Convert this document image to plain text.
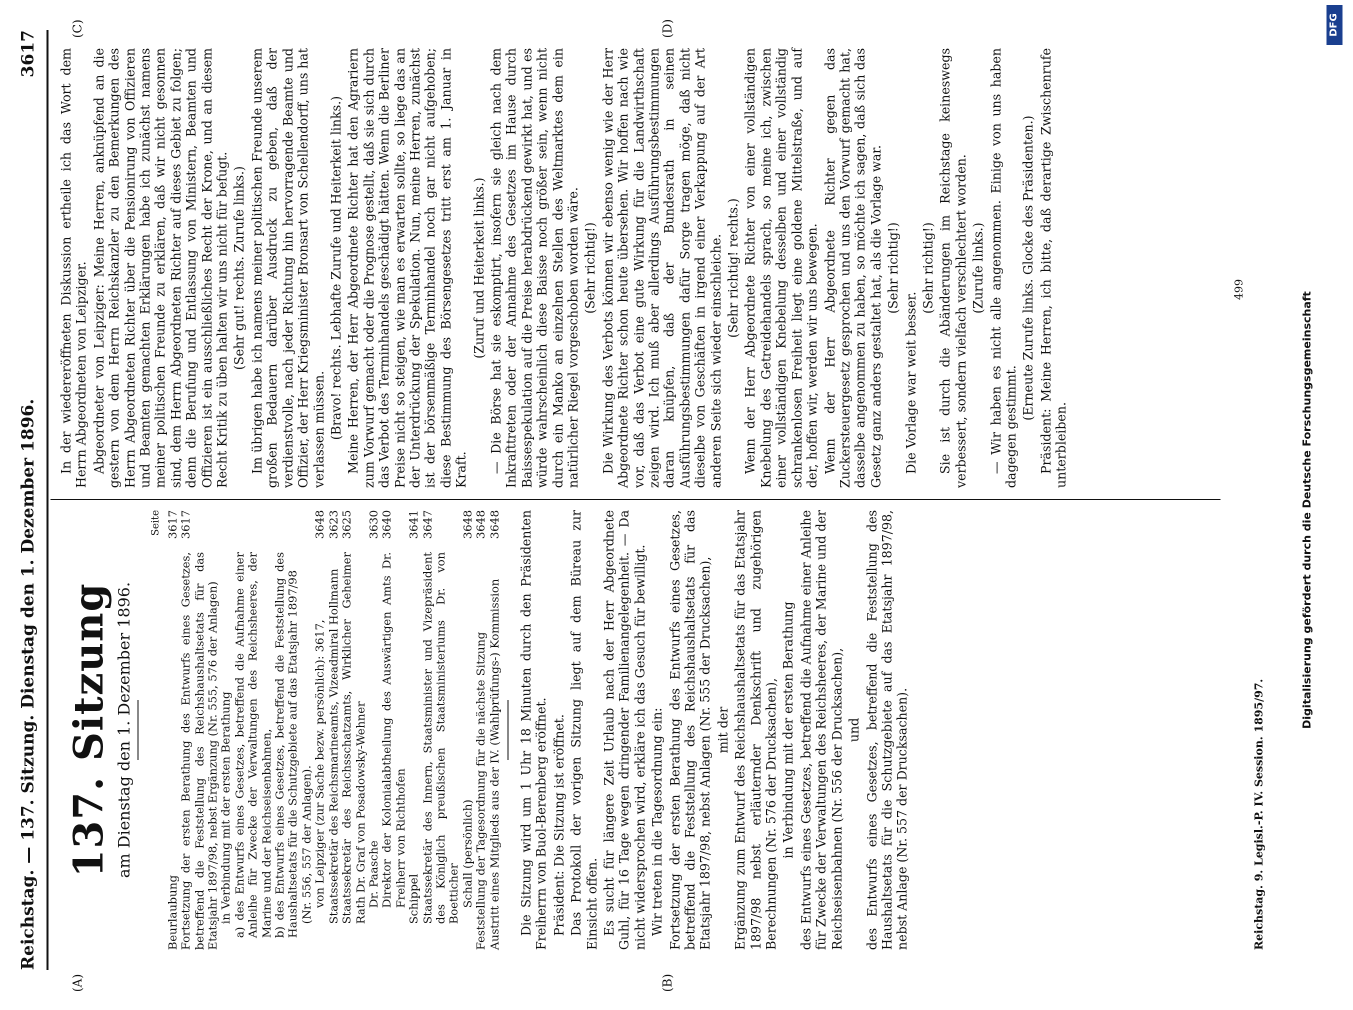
Reichstag. — 137. Sitzung. Dienstag den 1. Dezember 1896.
3617
(A)	(B)
(C)	(D)
137. Sitzung am Dienstag den 1. Dezember 1896.
Seite
Beurlaubung
3617
Fortsetzung der ersten Berathung des Entwurfs eines Gesetzes, betreffend die Feststellung des Reichshaushaltsetats für das Etatsjahr 1897/98, nebst Ergänzung (Nr. 555, 576 der Anlagen)
3617
in Verbindung mit der ersten Berathung a) des Entwurfs eines Gesetzes, betreffend die Aufnahme einer Anleihe für Zwecke der Verwaltungen des Reichsheeres, der Marine und der Reichseisenbahnen, b) des Entwurfs eines Gesetzes, betreffend die Feststellung des Haushaltsetats für die Schutzgebiete auf das Etatsjahr 1897/98 (Nr. 556, 557 der Anlagen). von Leipziger (zur Sache bezw. persönlich): 3617,
3648
Staatssekretär des Reichsmarineamts, Vizeadmiral Hollmann
3623
Staatssekretär des Reichsschatzamts, Wirklicher Geheimer Rath Dr. Graf von Posadowsky-Wehner
3625
Dr. Paasche
3630
Direktor der Kolonialabtheilung des Auswärtigen Amts Dr. Freiherr von Richthofen
3640
Schippel
3641
Staatssekretär des Innern, Staatsminister und Vizepräsident des Königlich preußischen Staatsministeriums Dr. von Boetticher
3647
Schall (persönlich)
3648
Feststellung der Tagesordnung für die nächste Sitzung
3648
Austritt eines Mitglieds aus der IV. (Wahlprüfungs-) Kommission
3648 Die Sitzung wird um 1 Uhr 18 Minuten durch den Präsidenten Freiherrn von Buol-Berenberg eröffnet. Präsident: Die Sitzung ist eröffnet. Das Protokoll der vorigen Sitzung liegt auf dem Büreau zur Einsicht offen. Es sucht für längere Zeit Urlaub nach der Herr Abgeordnete Guhl, für 16 Tage wegen dringender Familienangelegenheit. — Da nicht widersprochen wird, erkläre ich das Gesuch für bewilligt. Wir treten in die Tagesordnung ein: Fortsetzung der ersten Berathung des Entwurfs eines Gesetzes, betreffend die Feststellung des Reichshaushaltsetats für das Etatsjahr 1897/98, nebst Anlagen (Nr. 555 der Drucksachen), mit der Ergänzung zum Entwurf des Reichshaushaltsetats für das Etatsjahr 1897/98 nebst erläuternder Denkschrift und zugehörigen Berechnungen (Nr. 576 der Drucksachen), in Verbindung mit der ersten Berathung des Entwurfs eines Gesetzes, betreffend die Aufnahme einer Anleihe für Zwecke der Verwaltungen des Reichsheeres, der Marine und der Reichseisenbahnen (Nr. 556 der Drucksachen), und des Entwurfs eines Gesetzes, betreffend die Feststellung des Haushaltsetats für die Schutzgebiete auf das Etatsjahr 1897/98, nebst Anlage (Nr. 557 der Drucksachen).

In der wiedereröffneten Diskussion ertheile ich das Wort dem Herrn Abgeordneten von Leipziger. Abgeordneter von Leipziger: Meine Herren, anknüpfend an die gestern von dem Herrn Reichskanzler zu den Bemerkungen des Herrn Abgeordneten Richter über die Pensionirung von Offizieren und Beamten gemachten Erklärungen habe ich zunächst namens meiner politischen Freunde zu erklären, daß wir nicht gesonnen sind, dem Herrn Abgeordneten Richter auf dieses Gebiet zu folgen; denn die Berufung und Entlassung von Ministern, Beamten und Offizieren ist ein ausschließliches Recht der Krone, und an diesem Recht Kritik zu üben halten wir uns nicht für befugt. (Sehr gut! rechts. Zurufe links.) Im übrigen habe ich namens meiner politischen Freunde unserem großen Bedauern darüber Ausdruck zu geben, daß der verdienstvolle, nach jeder Richtung hin hervorragende Beamte und Offizier, der Herr Kriegsminister Bronsart von Schellendorff, uns hat verlassen müssen. (Bravo! rechts. Lebhafte Zurufe und Heiterkeit links.) Meine Herren, der Herr Abgeordnete Richter hat den Agrariern zum Vorwurf gemacht oder die Prognose gestellt, daß sie sich durch das Verbot des Terminhandels geschädigt hätten. Wenn die Berliner Preise nicht so steigen, wie man es erwarten sollte, so liege das an der Unterdrückung der Spekulation. Nun, meine Herren, zunächst ist der börsenmäßige Terminhandel noch gar nicht aufgehoben; diese Bestimmung des Börsengesetzes tritt erst am 1. Januar in Kraft.

(Zuruf und Heiterkeit links.) — Die Börse hat sie eskomptirt, insofern sie gleich nach dem Inkrafttreten oder der Annahme des Gesetzes im Hause durch Baissespekulation auf die Preise herabdrückend gewirkt hat, und es würde wahrscheinlich diese Baisse noch größer sein, wenn nicht durch ein Manko an einzelnen Stellen des Weltmarktes dem ein natürlicher Riegel vorgeschoben worden wäre. (Sehr richtig!) Die Wirkung des Verbots können wir ebenso wenig wie der Herr Abgeordnete Richter schon heute übersehen. Wir hoffen nach wie vor, daß das Verbot eine gute Wirkung für die Landwirthschaft zeigen wird. Ich muß aber allerdings Ausführungsbestimmungen daran knüpfen, daß der Bundesrath in seinen Ausführungsbestimmungen dafür Sorge tragen möge, daß nicht dieselbe von Geschäften in irgend einer Verkappung auf der Art anderen Seite sich wieder einschleiche. (Sehr richtig! rechts.) Wenn der Herr Abgeordnete Richter von einer vollständigen Knebelung des Getreidehandels sprach, so meine ich, zwischen einer vollständigen Knebelung desselben und einer vollständig schrankenlosen Freiheit liegt eine goldene Mittelstraße, und auf der, hoffen wir, werden wir uns bewegen. Wenn der Herr Abgeordnete Richter gegen das Zuckersteuergesetz gesprochen und uns den Vorwurf gemacht hat, dasselbe angenommen zu haben, so möchte ich sagen, daß sich das Gesetz ganz anders gestaltet hat, als die Vorlage war. (Sehr richtig!)

Die Vorlage war weit besser.

(Sehr richtig!) Sie ist durch die Abänderungen im Reichstage keineswegs verbessert, sondern vielfach verschlechtert worden. (Zurufe links.) — Wir haben es nicht alle angenommen. Einige von uns haben dagegen gestimmt.

(Erneute Zurufe links. Glocke des Präsidenten.) Präsident: Meine Herren, ich bitte, daß derartige Zwischenrufe unterbleiben.

499
Reichstag. 9. Legisl.-P. IV. Session. 1895/97.
Digitalisierung gefördert durch die Deutsche Forschungsgemeinschaft
DFG
